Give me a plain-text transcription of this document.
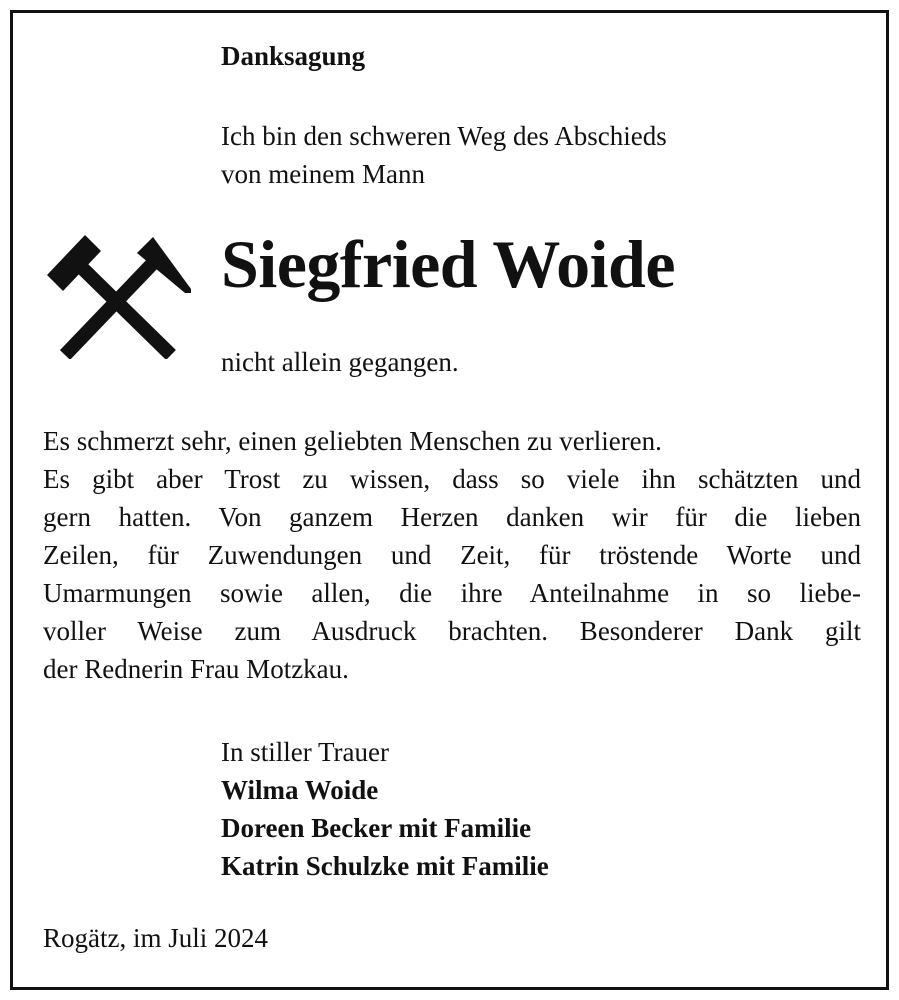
Danksagung
Ich bin den schweren Weg des Abschieds
von meinem Mann
Siegfried Woide
nicht allein gegangen.
Es schmerzt sehr, einen geliebten Menschen zu verlieren.
Es gibt aber Trost zu wissen, dass so viele ihn schätzten und
gern hatten. Von ganzem Herzen danken wir für die lieben
Zeilen, für Zuwendungen und Zeit, für tröstende Worte und
Umarmungen sowie allen, die ihre Anteilnahme in so liebe-
voller Weise zum Ausdruck brachten. Besonderer Dank gilt
der Rednerin Frau Motzkau.
In stiller Trauer
Wilma Woide
Doreen Becker mit Familie
Katrin Schulzke mit Familie
Rogätz, im Juli 2024
